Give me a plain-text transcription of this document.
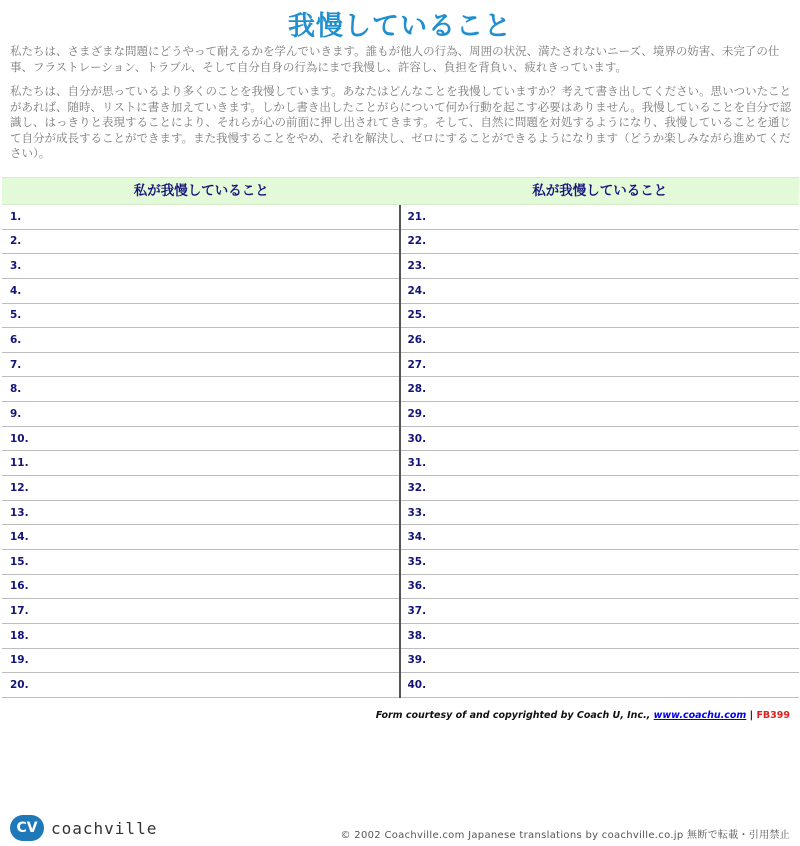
我慢していること

私たちは、さまざまな問題にどうやって耐えるかを学んでいきます。誰もが他人の行為、周囲の状況、満たされないニーズ、境界の妨害、未完了の仕事、フラストレーション、トラブル、そして自分自身の行為にまで我慢し、許容し、負担を背負い、疲れきっています。

私たちは、自分が思っているより多くのことを我慢しています。あなたはどんなことを我慢していますか？考えて書き出してください。思いついたことがあれば、随時、リストに書き加えていきます。しかし書き出したことがらについて何か行動を起こす必要はありません。我慢していることを自分で認識し、はっきりと表現することにより、それらが心の前面に押し出されてきます。そして、自然に問題を対処するようになり、我慢していることを通じて自分が成長することができます。また我慢することをやめ、それを解決し、ゼロにすることができるようになります（どうか楽しみながら進めてください）。

私が我慢していること	私が我慢していること
1.
2.
3.
4.
5.
6.
7.
8.
9.
10.
11.
12.
13.
14.
15.
16.
17.
18.
19.
20.
21.
22.
23.
24.
25.
26.
27.
28.
29.
30.
31.
32.
33.
34.
35.
36.
37.
38.
39.
40.
Form courtesy of and copyrighted by Coach U, Inc., www.coachu.com | FB399
CV coachville	© 2002 Coachville.com Japanese translations by coachville.co.jp 無断で転載・引用禁止
